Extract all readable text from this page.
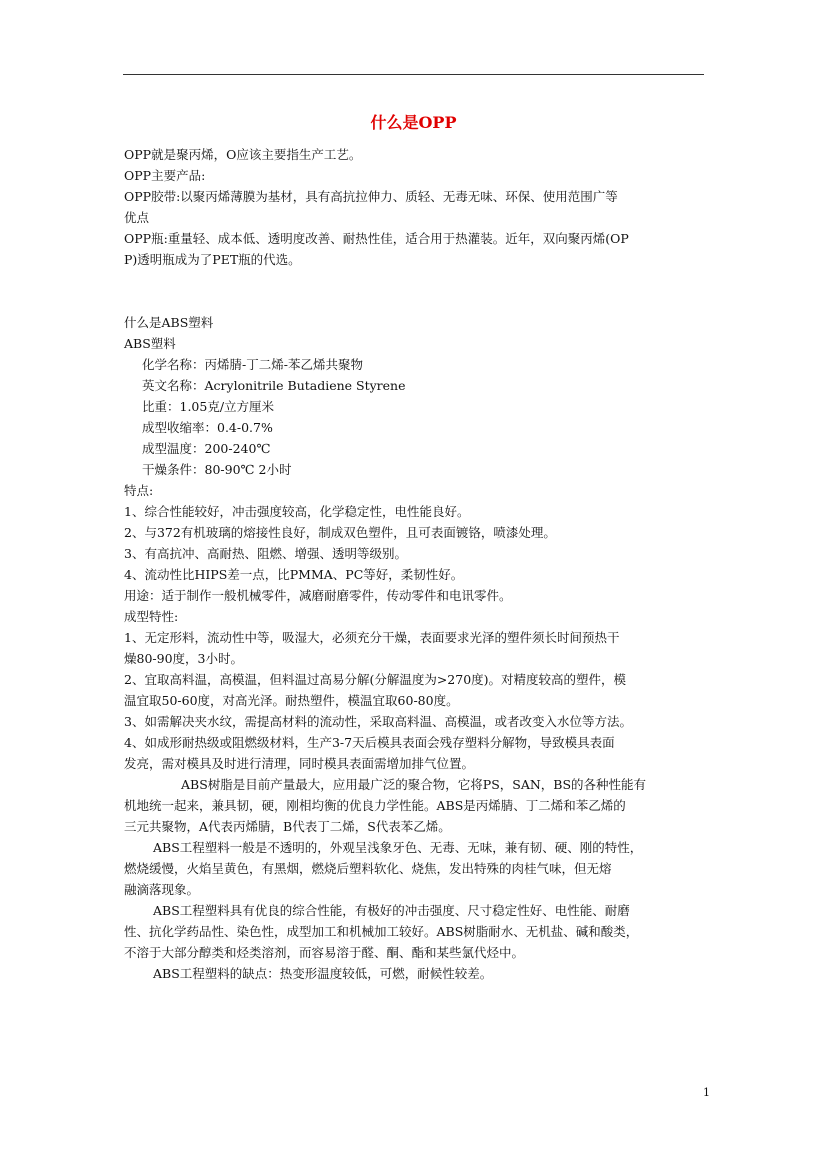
什么是OPP

OPP就是聚丙烯，O应该主要指生产工艺。

OPP主要产品:

OPP胶带:以聚丙烯薄膜为基材，具有高抗拉伸力、质轻、无毒无味、环保、使用范围广等

优点

OPP瓶:重量轻、成本低、透明度改善、耐热性佳，适合用于热灌装。近年，双向聚丙烯(OP

P)透明瓶成为了PET瓶的代选。

什么是ABS塑料

ABS塑料

化学名称：丙烯腈-丁二烯-苯乙烯共聚物

英文名称：Acrylonitrile Butadiene Styrene

比重：1.05克/立方厘米

成型收缩率：0.4-0.7%

成型温度：200-240℃

干燥条件：80-90℃ 2小时

特点:

1、综合性能较好，冲击强度较高，化学稳定性，电性能良好。

2、与372有机玻璃的熔接性良好，制成双色塑件，且可表面镀铬，喷漆处理。

3、有高抗冲、高耐热、阻燃、增强、透明等级别。

4、流动性比HIPS差一点，比PMMA、PC等好，柔韧性好。

用途：适于制作一般机械零件，减磨耐磨零件，传动零件和电讯零件。

成型特性:

1、无定形料，流动性中等，吸湿大，必须充分干燥，表面要求光泽的塑件须长时间预热干

燥80-90度，3小时。

2、宜取高料温，高模温，但料温过高易分解(分解温度为>270度)。对精度较高的塑件，模

温宜取50-60度，对高光泽。耐热塑件，模温宜取60-80度。

3、如需解决夹水纹，需提高材料的流动性，采取高料温、高模温，或者改变入水位等方法。

4、如成形耐热级或阻燃级材料，生产3-7天后模具表面会残存塑料分解物，导致模具表面

发亮，需对模具及时进行清理，同时模具表面需增加排气位置。

ABS树脂是目前产量最大，应用最广泛的聚合物，它将PS，SAN，BS的各种性能有

机地统一起来，兼具韧，硬，刚相均衡的优良力学性能。ABS是丙烯腈、丁二烯和苯乙烯的

三元共聚物，A代表丙烯腈，B代表丁二烯，S代表苯乙烯。

ABS工程塑料一般是不透明的，外观呈浅象牙色、无毒、无味，兼有韧、硬、刚的特性，

燃烧缓慢，火焰呈黄色，有黑烟，燃烧后塑料软化、烧焦，发出特殊的肉桂气味，但无熔

融滴落现象。

ABS工程塑料具有优良的综合性能，有极好的冲击强度、尺寸稳定性好、电性能、耐磨

性、抗化学药品性、染色性，成型加工和机械加工较好。ABS树脂耐水、无机盐、碱和酸类，

不溶于大部分醇类和烃类溶剂，而容易溶于醛、酮、酯和某些氯代烃中。

ABS工程塑料的缺点：热变形温度较低，可燃，耐候性较差。

1
